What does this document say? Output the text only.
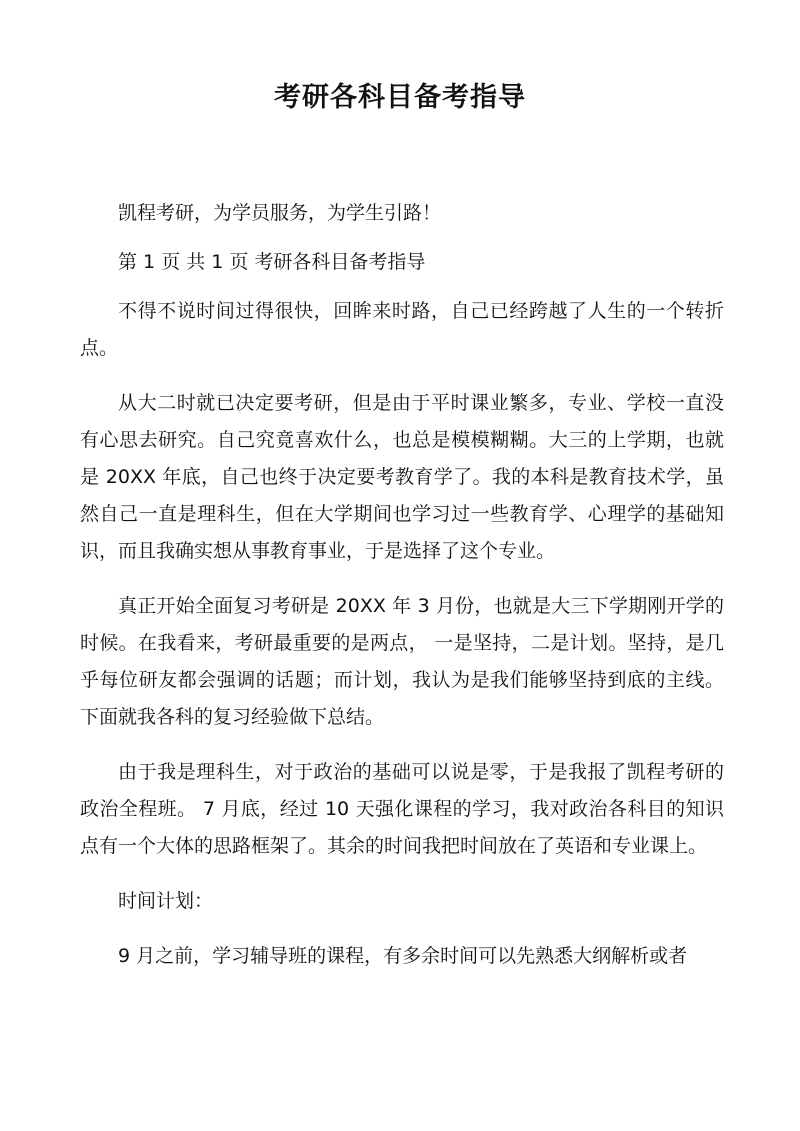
考研各科目备考指导

凯程考研，为学员服务，为学生引路！

第 1 页 共 1 页 考研各科目备考指导

不得不说时间过得很快，回眸来时路，自己已经跨越了人生的一个转折点。

从大二时就已决定要考研，但是由于平时课业繁多，专业、学校一直没有心思去研究。自己究竟喜欢什么，也总是模模糊糊。大三的上学期，也就是 20XX 年底，自己也终于决定要考教育学了。我的本科是教育技术学，虽然自己一直是理科生，但在大学期间也学习过一些教育学、心理学的基础知识，而且我确实想从事教育事业，于是选择了这个专业。

真正开始全面复习考研是 20XX 年 3 月份，也就是大三下学期刚开学的时候。在我看来，考研最重要的是两点， 一是坚持，二是计划。坚持，是几乎每位研友都会强调的话题；而计划，我认为是我们能够坚持到底的主线。下面就我各科的复习经验做下总结。

由于我是理科生，对于政治的基础可以说是零，于是我报了凯程考研的政治全程班。 7 月底，经过 10 天强化课程的学习，我对政治各科目的知识点有一个大体的思路框架了。其余的时间我把时间放在了英语和专业课上。

时间计划：

9 月之前，学习辅导班的课程，有多余时间可以先熟悉大纲解析或者
